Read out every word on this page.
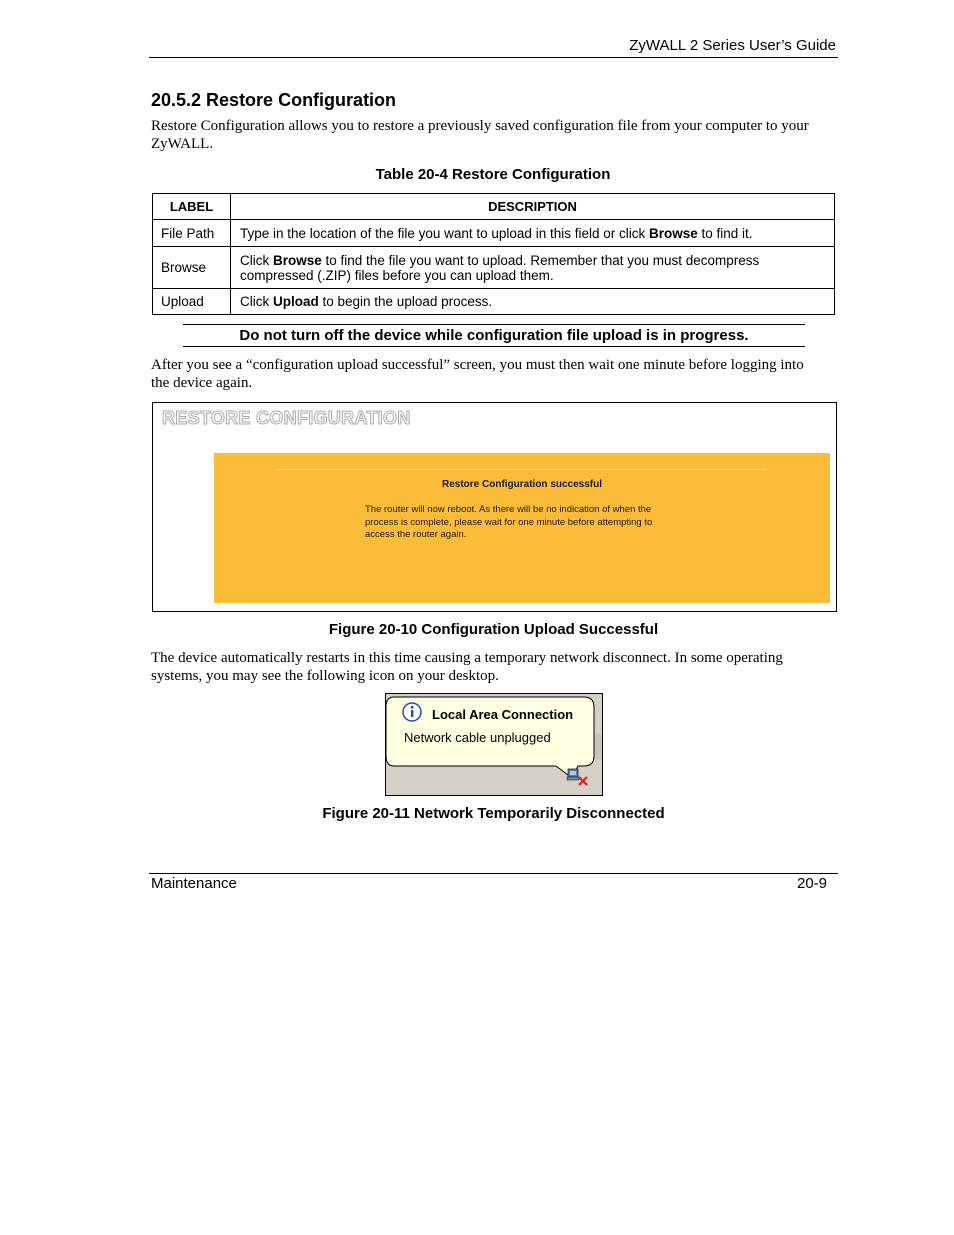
ZyWALL 2 Series User’s Guide
20.5.2 Restore Configuration
Restore Configuration allows you to restore a previously saved configuration file from your computer to your
ZyWALL.
Table 20-4 Restore Configuration
LABEL	DESCRIPTION
File Path	Type in the location of the file you want to upload in this field or click Browse to find it.
Browse	Click Browse to find the file you want to upload. Remember that you must decompress
compressed (.ZIP) files before you can upload them.
Upload	Click Upload to begin the upload process.
Do not turn off the device while configuration file upload is in progress.
After you see a “configuration upload successful” screen, you must then wait one minute before logging into
the device again.
RESTORE CONFIGURATION
Restore Configuration successful
The router will now reboot. As there will be no indication of when the
process is complete, please wait for one minute before attempting to
access the router again.
Figure 20-10 Configuration Upload Successful
The device automatically restarts in this time causing a temporary network disconnect. In some operating
systems, you may see the following icon on your desktop.
Local Area Connection
Network cable unplugged
Figure 20-11 Network Temporarily Disconnected
Maintenance	20-9
